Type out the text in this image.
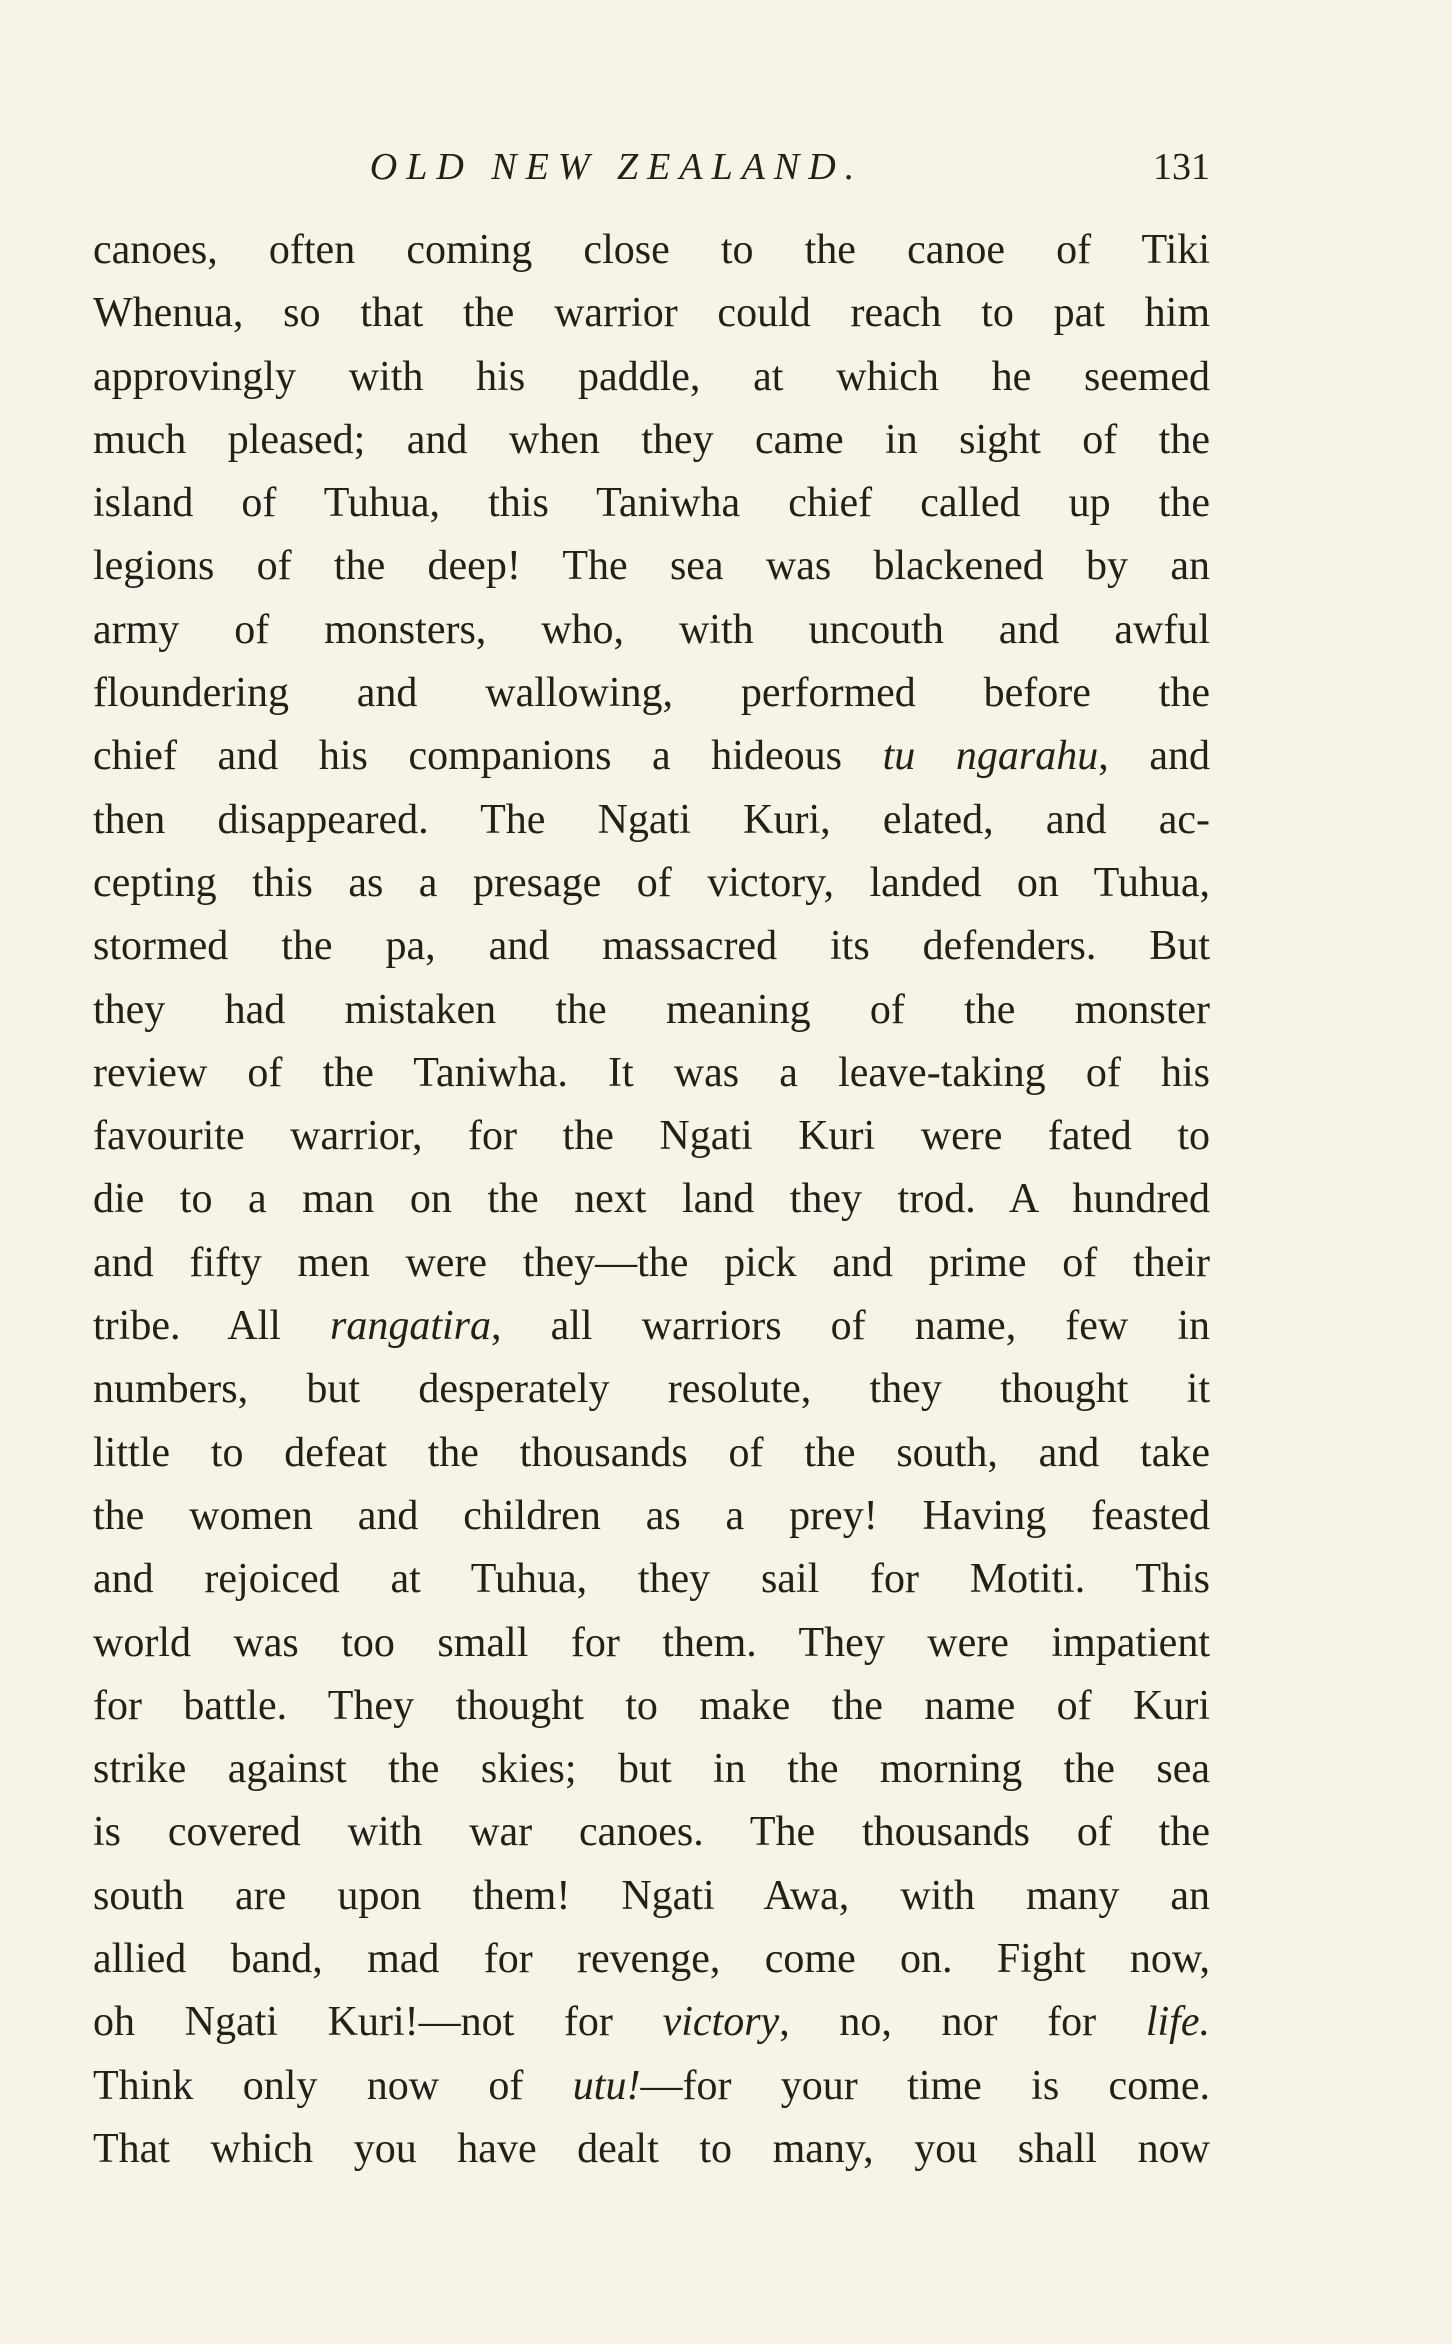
OLD NEW ZEALAND.	131
canoes, often coming close to the canoe of Tiki
Whenua, so that the warrior could reach to pat him
approvingly with his paddle, at which he seemed
much pleased; and when they came in sight of the
island of Tuhua, this Taniwha chief called up the
legions of the deep! The sea was blackened by an
army of monsters, who, with uncouth and awful
floundering and wallowing, performed before the
chief and his companions a hideous tu ngarahu, and
then disappeared. The Ngati Kuri, elated, and ac-
cepting this as a presage of victory, landed on Tuhua,
stormed the pa, and massacred its defenders. But
they had mistaken the meaning of the monster
review of the Taniwha. It was a leave-taking of his
favourite warrior, for the Ngati Kuri were fated to
die to a man on the next land they trod. A hundred
and fifty men were they—the pick and prime of their
tribe. All rangatira, all warriors of name, few in
numbers, but desperately resolute, they thought it
little to defeat the thousands of the south, and take
the women and children as a prey! Having feasted
and rejoiced at Tuhua, they sail for Motiti. This
world was too small for them. They were impatient
for battle. They thought to make the name of Kuri
strike against the skies; but in the morning the sea
is covered with war canoes. The thousands of the
south are upon them! Ngati Awa, with many an
allied band, mad for revenge, come on. Fight now,
oh Ngati Kuri!—not for victory, no, nor for life.
Think only now of utu!—for your time is come.
That which you have dealt to many, you shall now
